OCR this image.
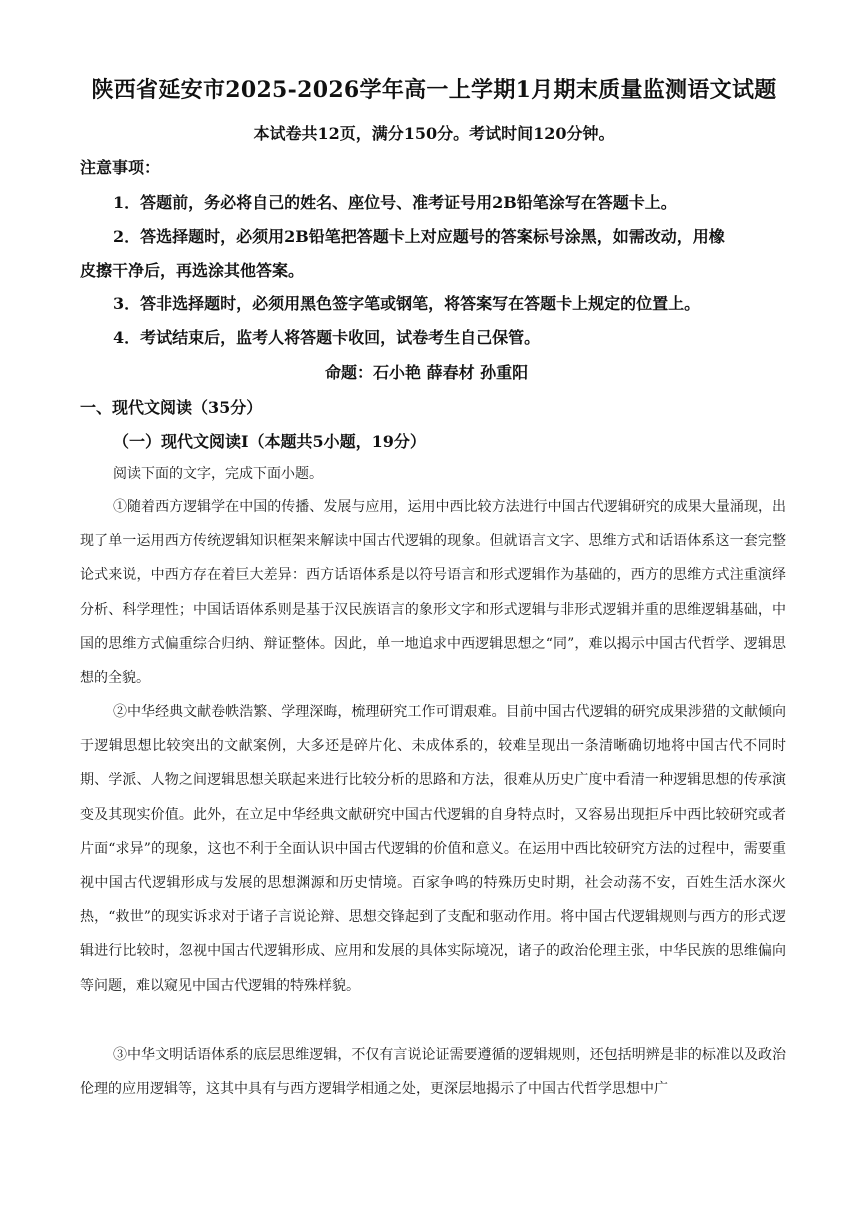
陕西省延安市2025-2026学年高一上学期1月期末质量监测语文试题
本试卷共12页，满分150分。考试时间120分钟。
注意事项：
1．答题前，务必将自己的姓名、座位号、准考证号用2B铅笔涂写在答题卡上。
2．答选择题时，必须用2B铅笔把答题卡上对应题号的答案标号涂黑，如需改动，用橡
皮擦干净后，再选涂其他答案。
3．答非选择题时，必须用黑色签字笔或钢笔，将答案写在答题卡上规定的位置上。
4．考试结束后，监考人将答题卡收回，试卷考生自己保管。
命题：石小艳 薛春材 孙重阳
一、现代文阅读（35分）
（一）现代文阅读Ⅰ（本题共5小题，19分）
阅读下面的文字，完成下面小题。
①随着西方逻辑学在中国的传播、发展与应用，运用中西比较方法进行中国古代逻辑研究的成果大量涌现，出现了单一运用西方传统逻辑知识框架来解读中国古代逻辑的现象。但就语言文字、思维方式和话语体系这一套完整论式来说，中西方存在着巨大差异：西方话语体系是以符号语言和形式逻辑作为基础的，西方的思维方式注重演绎分析、科学理性；中国话语体系则是基于汉民族语言的象形文字和形式逻辑与非形式逻辑并重的思维逻辑基础，中国的思维方式偏重综合归纳、辩证整体。因此，单一地追求中西逻辑思想之“同”，难以揭示中国古代哲学、逻辑思想的全貌。
②中华经典文献卷帙浩繁、学理深晦，梳理研究工作可谓艰难。目前中国古代逻辑的研究成果涉猎的文献倾向于逻辑思想比较突出的文献案例，大多还是碎片化、未成体系的，较难呈现出一条清晰确切地将中国古代不同时期、学派、人物之间逻辑思想关联起来进行比较分析的思路和方法，很难从历史广度中看清一种逻辑思想的传承演变及其现实价值。此外，在立足中华经典文献研究中国古代逻辑的自身特点时，又容易出现拒斥中西比较研究或者片面“求异”的现象，这也不利于全面认识中国古代逻辑的价值和意义。在运用中西比较研究方法的过程中，需要重视中国古代逻辑形成与发展的思想渊源和历史情境。百家争鸣的特殊历史时期，社会动荡不安，百姓生活水深火热，“救世”的现实诉求对于诸子言说论辩、思想交锋起到了支配和驱动作用。将中国古代逻辑规则与西方的形式逻辑进行比较时，忽视中国古代逻辑形成、应用和发展的具体实际境况，诸子的政治伦理主张，中华民族的思维偏向等问题，难以窥见中国古代逻辑的特殊样貌。
③中华文明话语体系的底层思维逻辑，不仅有言说论证需要遵循的逻辑规则，还包括明辨是非的标准以及政治伦理的应用逻辑等，这其中具有与西方逻辑学相通之处，更深层地揭示了中国古代哲学思想中广
